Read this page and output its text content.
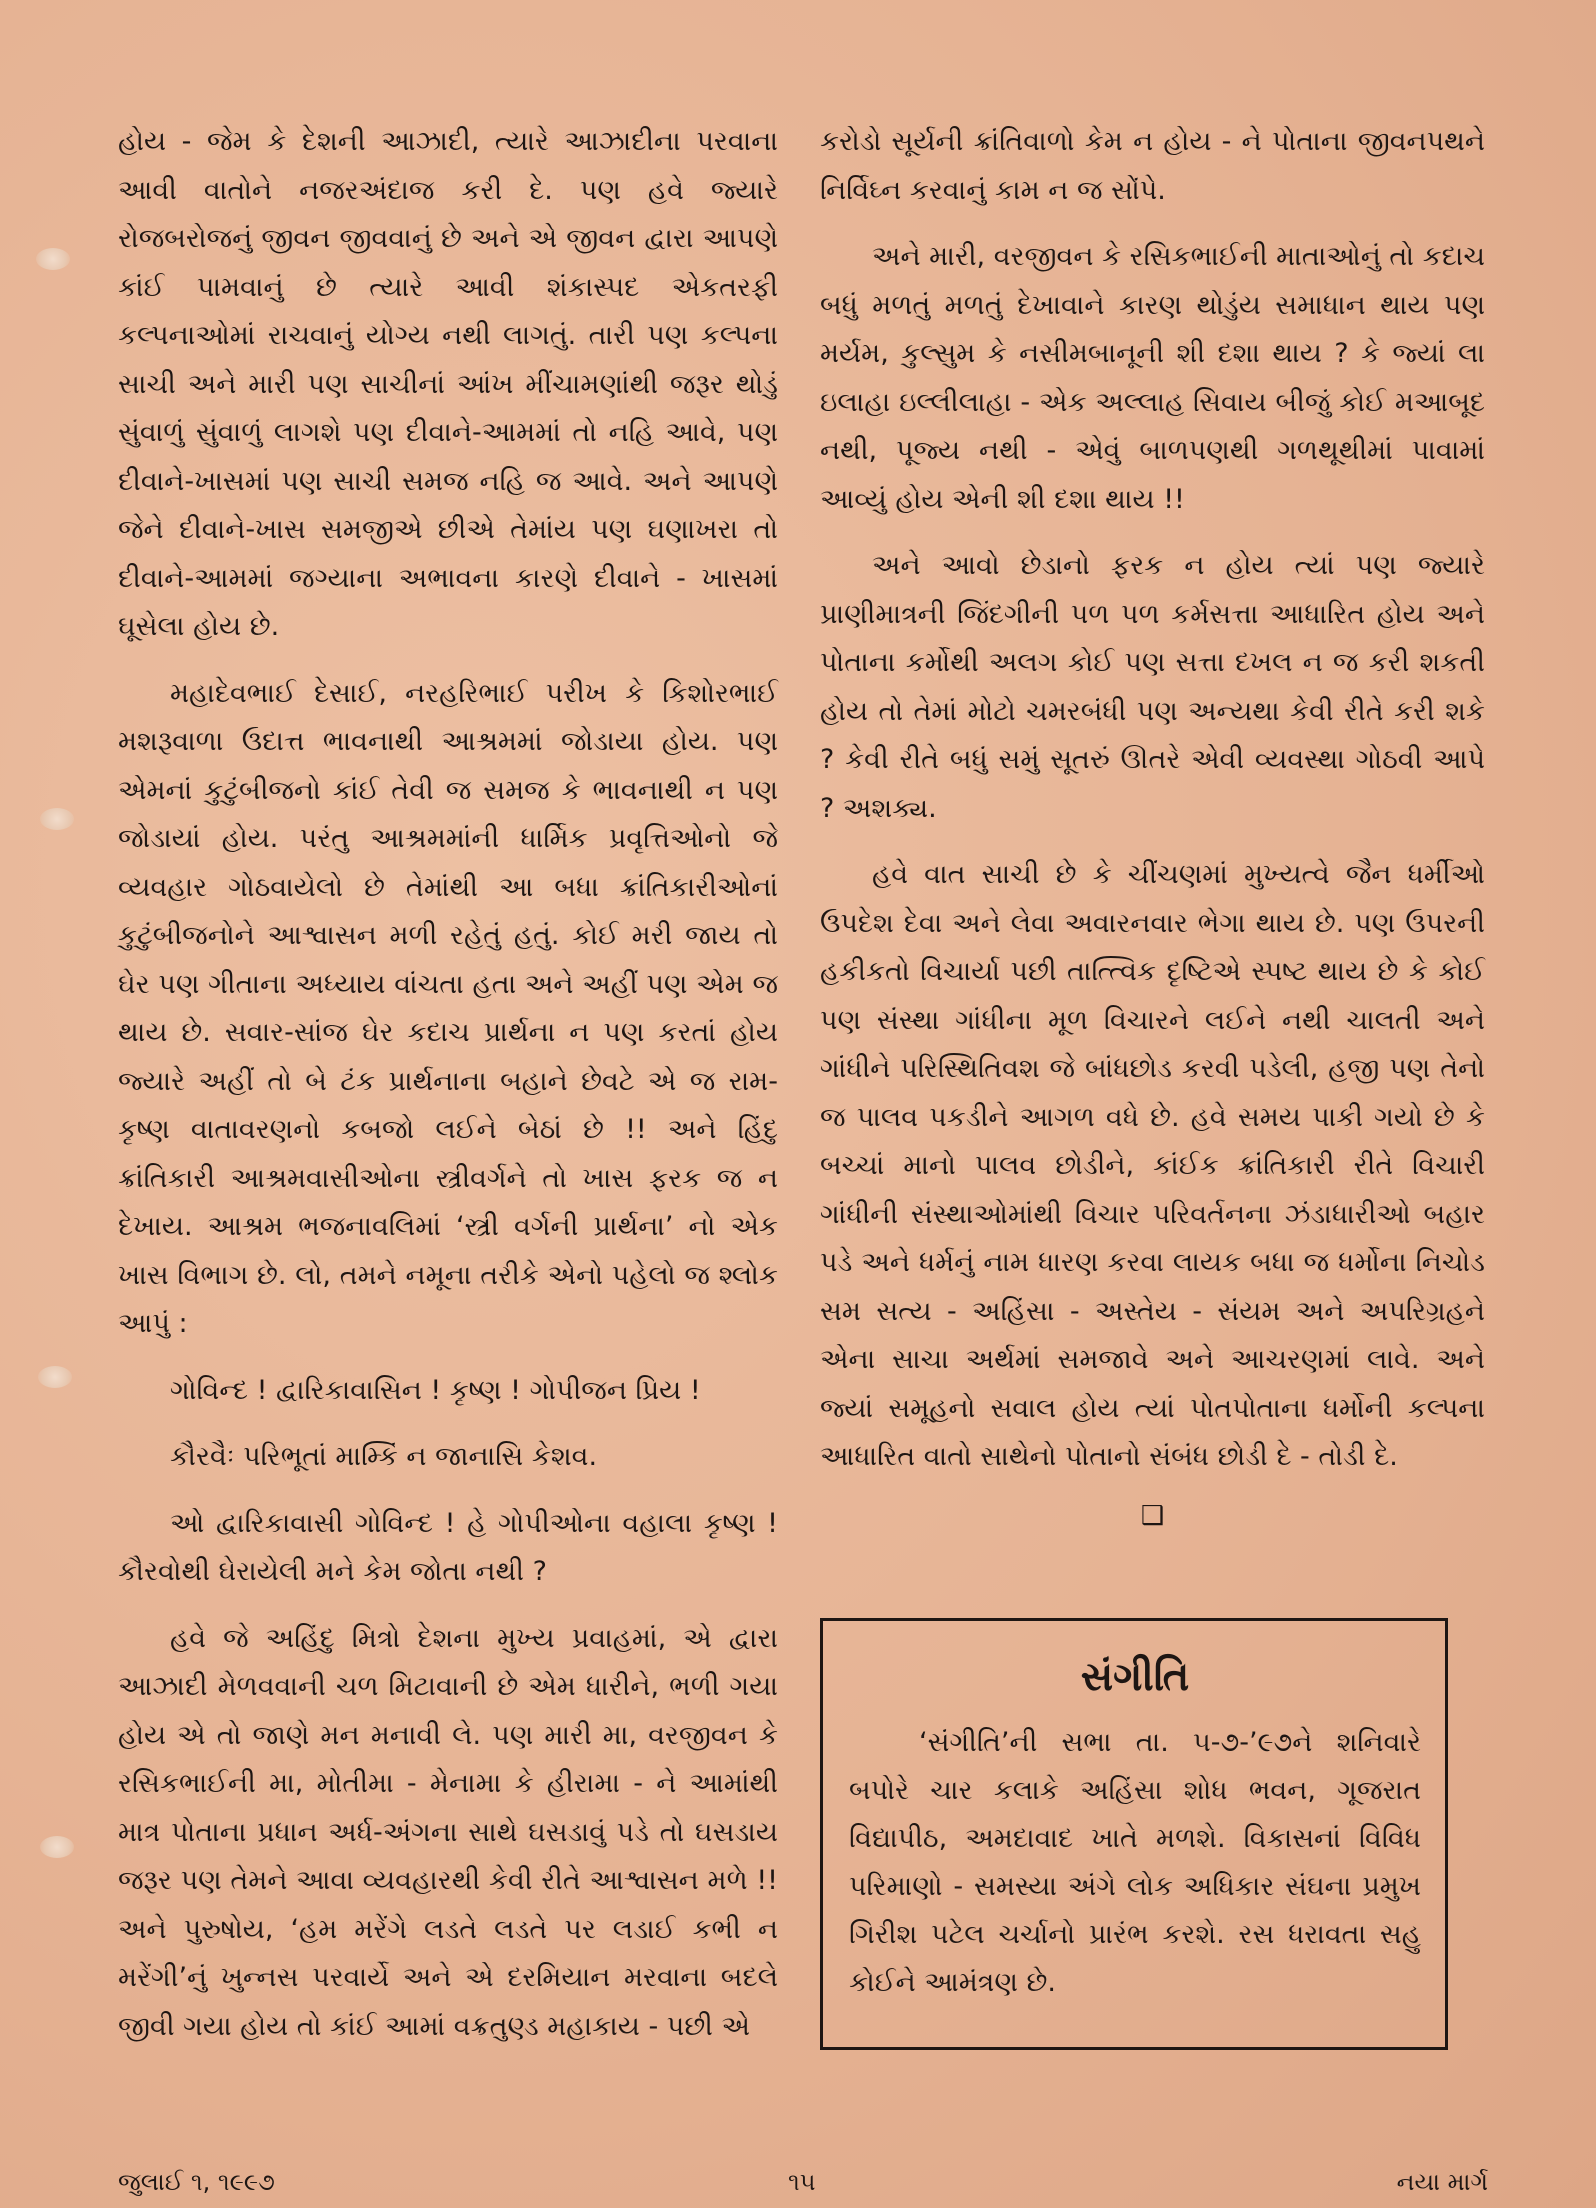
હોય - જેમ કે દેશની આઝાદી, ત્યારે આઝાદીના પરવાના આવી વાતોને નજરઅંદાજ કરી દે. પણ હવે જ્યારે રોજબરોજનું જીવન જીવવાનું છે અને એ જીવન દ્વારા આપણે કાંઈ પામવાનું છે ત્યારે આવી શંકાસ્પદ એકતરફી કલ્પનાઓમાં રાચવાનું યોગ્ય નથી લાગતું. તારી પણ કલ્પના સાચી અને મારી પણ સાચીનાં આંખ મીંચામણાંથી જરૂર થોડું સુંવાળું સુંવાળું લાગશે પણ દીવાને-આમમાં તો નહિ આવે, પણ દીવાને-ખાસમાં પણ સાચી સમજ નહિ જ આવે. અને આપણે જેને દીવાને-ખાસ સમજીએ છીએ તેમાંય પણ ઘણાખરા તો દીવાને-આમમાં જગ્યાના અભાવના કારણે દીવાને - ખાસમાં ઘૂસેલા હોય છે.

મહાદેવભાઈ દેસાઈ, નરહરિભાઈ પરીખ કે કિશોરભાઈ મશરૂવાળા ઉદાત્ત ભાવનાથી આશ્રમમાં જોડાયા હોય. પણ એમનાં કુટુંબીજનો કાંઈ તેવી જ સમજ કે ભાવનાથી ન પણ જોડાયાં હોય. પરંતુ આશ્રમમાંની ધાર્મિક પ્રવૃત્તિઓનો જે વ્યવહાર ગોઠવાયેલો છે તેમાંથી આ બધા ક્રાંતિકારીઓનાં કુટુંબીજનોને આશ્વાસન મળી રહેતું હતું. કોઈ મરી જાય તો ઘેર પણ ગીતાના અધ્યાય વાંચતા હતા અને અહીં પણ એમ જ થાય છે. સવાર-સાંજ ઘેર કદાચ પ્રાર્થના ન પણ કરતાં હોય જ્યારે અહીં તો બે ટંક પ્રાર્થનાના બહાને છેવટે એ જ રામ-કૃષ્ણ વાતાવરણનો કબજો લઈને બેઠાં છે !! અને હિંદુ ક્રાંતિકારી આશ્રમવાસીઓના સ્ત્રીવર્ગને તો ખાસ ફરક જ ન દેખાય. આશ્રમ ભજનાવલિમાં ‘સ્ત્રી વર્ગની પ્રાર્થના’ નો એક ખાસ વિભાગ છે. લો, તમને નમૂના તરીકે એનો પહેલો જ શ્લોક આપું :

ગોવિન્દ ! દ્વારિકાવાસિન ! કૃષ્ણ ! ગોપીજન પ્રિય !

કૌરવૈઃ પરિભૂતાં મામ્કિં ન જાનાસિ કેશવ.

ઓ દ્વારિકાવાસી ગોવિન્દ ! હે ગોપીઓના વહાલા કૃષ્ણ ! કૌરવોથી ઘેરાયેલી મને કેમ જોતા નથી ?

હવે જે અહિંદુ મિત્રો દેશના મુખ્ય પ્રવાહમાં, એ દ્વારા આઝાદી મેળવવાની ચળ મિટાવાની છે એમ ધારીને, ભળી ગયા હોય એ તો જાણે મન મનાવી લે. પણ મારી મા, વરજીવન કે રસિકભાઈની મા, મોતીમા - મેનામા કે હીરામા - ને આમાંથી માત્ર પોતાના પ્રધાન અર્ધ-અંગના સાથે ઘસડાવું પડે તો ઘસડાય જરૂર પણ તેમને આવા વ્યવહારથી કેવી રીતે આશ્વાસન મળે !! અને પુરુષોય, ‘હમ મરેંગે લડતે લડતે પર લડાઈ કભી ન મરેંગી’નું ખુન્નસ પરવાર્યે અને એ દરમિયાન મરવાના બદલે જીવી ગયા હોય તો કાંઈ આમાં વક્રતુણ્ડ મહાકાય - પછી એ

કરોડો સૂર્યની ક્રાંતિવાળો કેમ ન હોય - ને પોતાના જીવનપથને નિર્વિઘ્ન કરવાનું કામ ન જ સોંપે.

અને મારી, વરજીવન કે રસિકભાઈની માતાઓનું તો કદાચ બધું મળતું મળતું દેખાવાને કારણ થોડુંય સમાધાન થાય પણ મર્યમ, કુલ્સુમ કે નસીમબાનૂની શી દશા થાય ? કે જ્યાં લા ઇલાહા ઇલ્લીલાહા - એક અલ્લાહ સિવાય બીજું કોઈ મઆબૂદ નથી, પૂજ્ય નથી - એવું બાળપણથી ગળથૂથીમાં પાવામાં આવ્યું હોય એની શી દશા થાય !!

અને આવો છેડાનો ફરક ન હોય ત્યાં પણ જ્યારે પ્રાણીમાત્રની જિંદગીની પળ પળ કર્મસત્તા આધારિત હોય અને પોતાના કર્મોથી અલગ કોઈ પણ સત્તા દખલ ન જ કરી શકતી હોય તો તેમાં મોટો ચમરબંધી પણ અન્યથા કેવી રીતે કરી શકે ? કેવી રીતે બધું સમું સૂતરું ઊતરે એવી વ્યવસ્થા ગોઠવી આપે ? અશક્ય.

હવે વાત સાચી છે કે ચીંચણમાં મુખ્યત્વે જૈન ધર્મીઓ ઉપદેશ દેવા અને લેવા અવારનવાર ભેગા થાય છે. પણ ઉપરની હકીકતો વિચાર્યા પછી તાત્ત્વિક દૃષ્ટિએ સ્પષ્ટ થાય છે કે કોઈ પણ સંસ્થા ગાંધીના મૂળ વિચારને લઈને નથી ચાલતી અને ગાંધીને પરિસ્થિતિવશ જે બાંધછોડ કરવી પડેલી, હજી પણ તેનો જ પાલવ પકડીને આગળ વધે છે. હવે સમય પાકી ગયો છે કે બચ્ચાં માનો પાલવ છોડીને, કાંઈક ક્રાંતિકારી રીતે વિચારી ગાંધીની સંસ્થાઓમાંથી વિચાર પરિવર્તનના ઝંડાધારીઓ બહાર પડે અને ધર્મનું નામ ધારણ કરવા લાયક બધા જ ધર્મોના નિચોડ સમ સત્ય - અહિંસા - અસ્તેય - સંયમ અને અપરિગ્રહને એના સાચા અર્થમાં સમજાવે અને આચરણમાં લાવે. અને જ્યાં સમૂહનો સવાલ હોય ત્યાં પોતપોતાના ધર્મોની કલ્પના આધારિત વાતો સાથેનો પોતાનો સંબંધ છોડી દે - તોડી દે.

❑

સંગીતિ

‘સંગીતિ’ની સભા તા. ૫-૭-’૯૭ને શનિવારે બપોરે ચાર કલાકે અહિંસા શોધ ભવન, ગૂજરાત વિદ્યાપીઠ, અમદાવાદ ખાતે મળશે. વિકાસનાં વિવિધ પરિમાણો - સમસ્યા અંગે લોક અધિકાર સંઘના પ્રમુખ ગિરીશ પટેલ ચર્ચાનો પ્રારંભ કરશે. રસ ધરાવતા સહુ કોઈને આમંત્રણ છે.

જુલાઈ ૧, ૧૯૯૭	૧૫	નયા માર્ગ
